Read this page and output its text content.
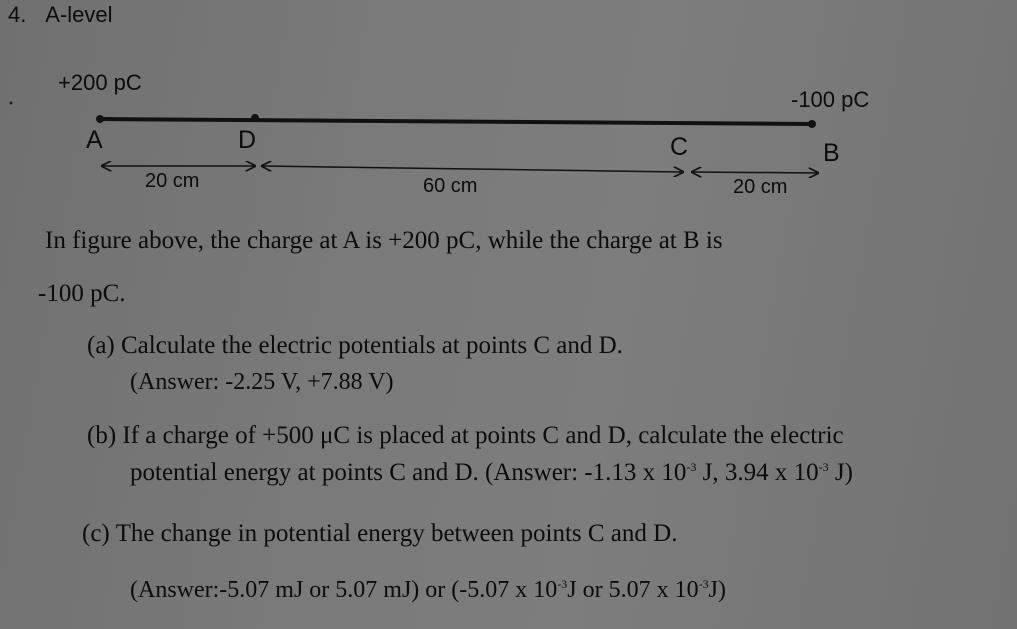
4. A-level
+200 pC
-100 pC
A	D	C	B
20 cm	60 cm	20 cm
In figure above, the charge at A is +200 pC, while the charge at B is
-100 pC.
(a) Calculate the electric potentials at points C and D.
(Answer: -2.25 V, +7.88 V)
(b) If a charge of +500 μC is placed at points C and D, calculate the electric
potential energy at points C and D. (Answer: -1.13 x $10^{-3}$ J, 3.94 x $10^{-3}$ J)
(c) The change in potential energy between points C and D.
(Answer:-5.07 mJ or 5.07 mJ) or (-5.07 x $10^{-3}J$ or 5.07 x $10^{-3}J$)
